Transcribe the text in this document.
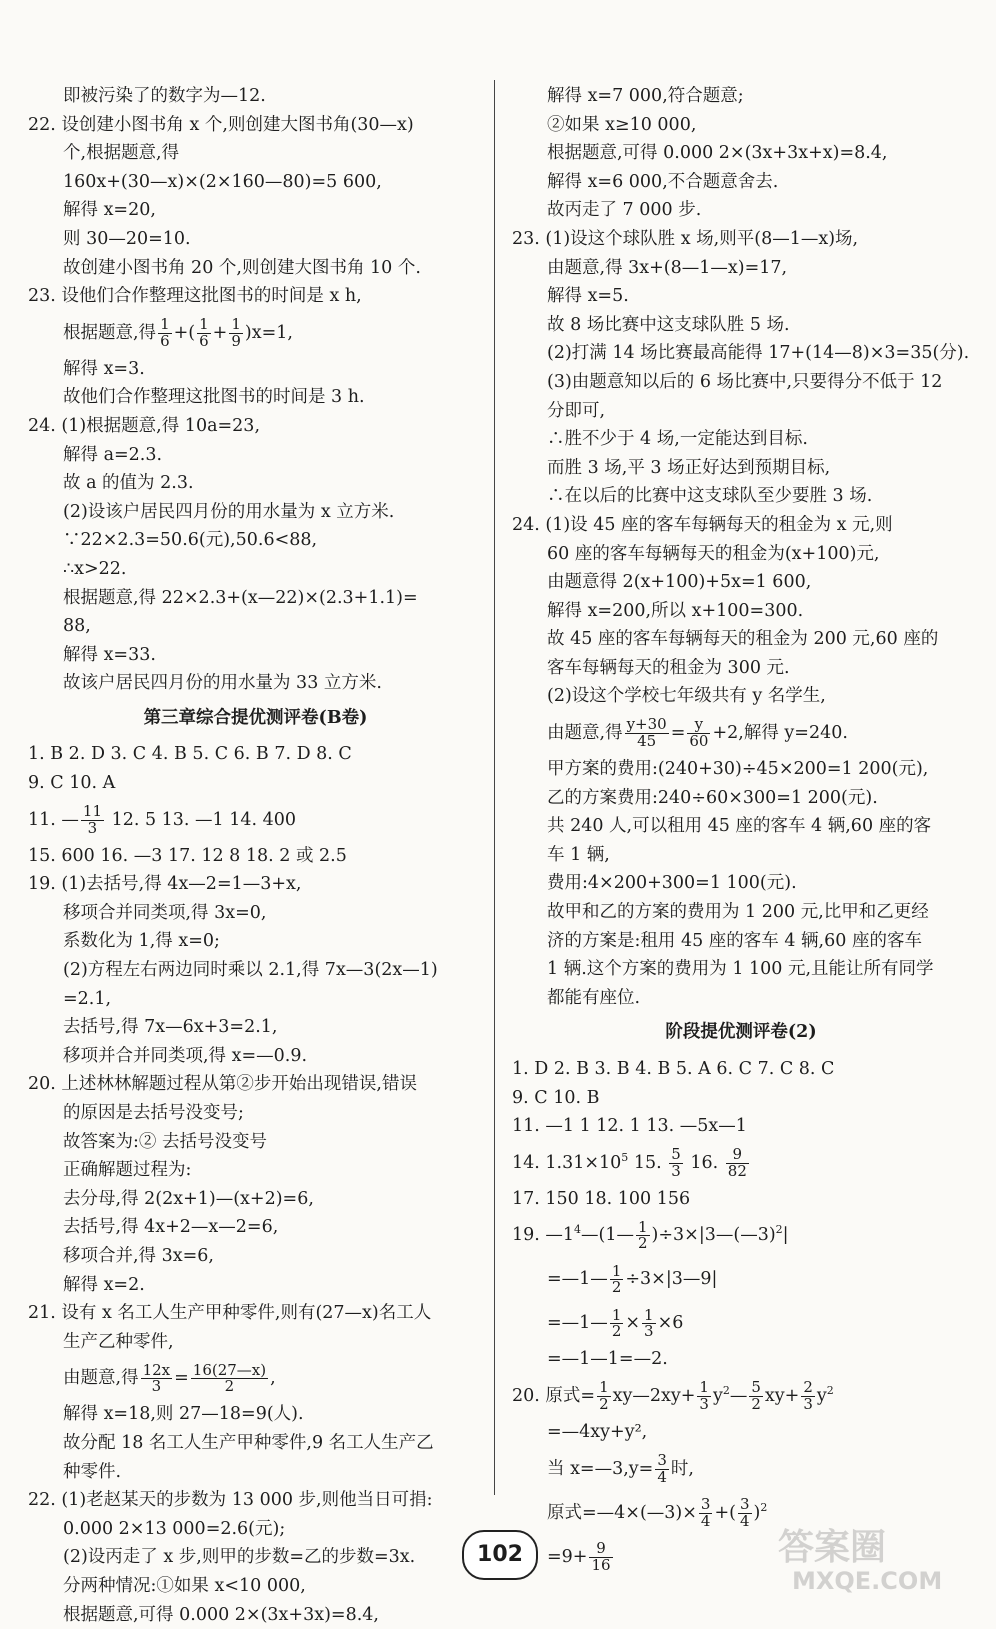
即被污染了的数字为—12.
22. 设创建小图书角 x 个,则创建大图书角(30—x)
个,根据题意,得
160x+(30—x)×(2×160—80)=5 600,
解得 x=20,
则 30—20=10.
故创建小图书角 20 个,则创建大图书角 10 个.
23. 设他们合作整理这批图书的时间是 x h,
根据题意,得 $\frac{1}{6}$ +( $\frac{1}{6} + \frac{1}{9} )x=1$,
解得 x=3.
故他们合作整理这批图书的时间是 3 h.
24. (1)根据题意,得 10a=23,
解得 a=2.3.
故 a 的值为 2.3.
(2)设该户居民四月份的用水量为 x 立方米.
∵22×2.3=50.6(元),50.6<88,
∴x>22.
根据题意,得 22×2.3+(x—22)×(2.3+1.1)=
88,
解得 x=33.
故该户居民四月份的用水量为 33 立方米.
第三章综合提优测评卷(B卷)
1. B 2. D 3. C 4. B 5. C 6. B 7. D 8. C
9. C 10. A
11. — $\frac{11}{3} 12$. 5 13. —1 14. 400
15. 600 16. —3 17. 12 8 18. 2 或 2.5
19. (1)去括号,得 4x—2=1—3+x,
移项合并同类项,得 3x=0,
系数化为 1,得 x=0;
(2)方程左右两边同时乘以 2.1,得 7x—3(2x—1)
=2.1,
去括号,得 7x—6x+3=2.1,
移项并合并同类项,得 x=—0.9.
20. 上述林林解题过程从第②步开始出现错误,错误
的原因是去括号没变号;
故答案为:② 去括号没变号
正确解题过程为:
去分母,得 2(2x+1)—(x+2)=6,
去括号,得 4x+2—x—2=6,
移项合并,得 3x=6,
解得 x=2.
21. 设有 x 名工人生产甲种零件,则有(27—x)名工人
生产乙种零件,
由题意,得 $\frac{12x}{3} = \frac{16(27—x)}{2}$ ,
解得 x=18,则 27—18=9(人).
故分配 18 名工人生产甲种零件,9 名工人生产乙
种零件.
22. (1)老赵某天的步数为 13 000 步,则他当日可捐:
0.000 2×13 000=2.6(元);
(2)设丙走了 x 步,则甲的步数=乙的步数=3x.
分两种情况:①如果 x<10 000,
根据题意,可得 0.000 2×(3x+3x)=8.4,
解得 x=7 000,符合题意;
②如果 x≥10 000,
根据题意,可得 0.000 2×(3x+3x+x)=8.4,
解得 x=6 000,不合题意舍去.
故丙走了 7 000 步.
23. (1)设这个球队胜 x 场,则平(8—1—x)场,
由题意,得 3x+(8—1—x)=17,
解得 x=5.
故 8 场比赛中这支球队胜 5 场.
(2)打满 14 场比赛最高能得 17+(14—8)×3=35(分).
(3)由题意知以后的 6 场比赛中,只要得分不低于 12
分即可,
∴胜不少于 4 场,一定能达到目标.
而胜 3 场,平 3 场正好达到预期目标,
∴在以后的比赛中这支球队至少要胜 3 场.
24. (1)设 45 座的客车每辆每天的租金为 x 元,则
60 座的客车每辆每天的租金为(x+100)元,
由题意得 2(x+100)+5x=1 600,
解得 x=200,所以 x+100=300.
故 45 座的客车每辆每天的租金为 200 元,60 座的
客车每辆每天的租金为 300 元.
(2)设这个学校七年级共有 y 名学生,
由题意,得 $\frac{y+30}{45} = \frac{y}{60} +2$,解得 y=240.
甲方案的费用:(240+30)÷45×200=1 200(元),
乙的方案费用:240÷60×300=1 200(元).
共 240 人,可以租用 45 座的客车 4 辆,60 座的客
车 1 辆,
费用:4×200+300=1 100(元).
故甲和乙的方案的费用为 1 200 元,比甲和乙更经
济的方案是:租用 45 座的客车 4 辆,60 座的客车
1 辆.这个方案的费用为 1 100 元,且能让所有同学
都能有座位.
阶段提优测评卷(2)
1. D 2. B 3. B 4. B 5. A 6. C 7. C 8. C
9. C 10. B
11. —1 1 12. 1 13. —5x—1
14. $1.31\times 10^5$ 15. $\frac{5}{3} 16$. $\frac{9}{82}$
17. 150 18. 100 156
19. $—1^4—(1— \frac{1}{2}$ )÷3×|3—(—3)$^2$|
=—1— $\frac{1}{2}$ ÷3×|3—9|
=—1— $\frac{1}{2} \times \frac{1}{3} \times 6$
=—1—1=—2.
20. 原式= $\frac{1}{2}$ xy—2xy+ $\frac{1}{3}$ $y^2— \frac{5}{2} xy+ \frac{2}{3} y^2$
=—4xy+y²,
当 x=—3,y= $\frac{3}{4}$ 时,
原式=—4×(—3)× $\frac{3}{4}$ +( $\frac{3}{4} )^2$
$=9+ \frac{9}{16}$
102	答案圈
MXQE.COM
